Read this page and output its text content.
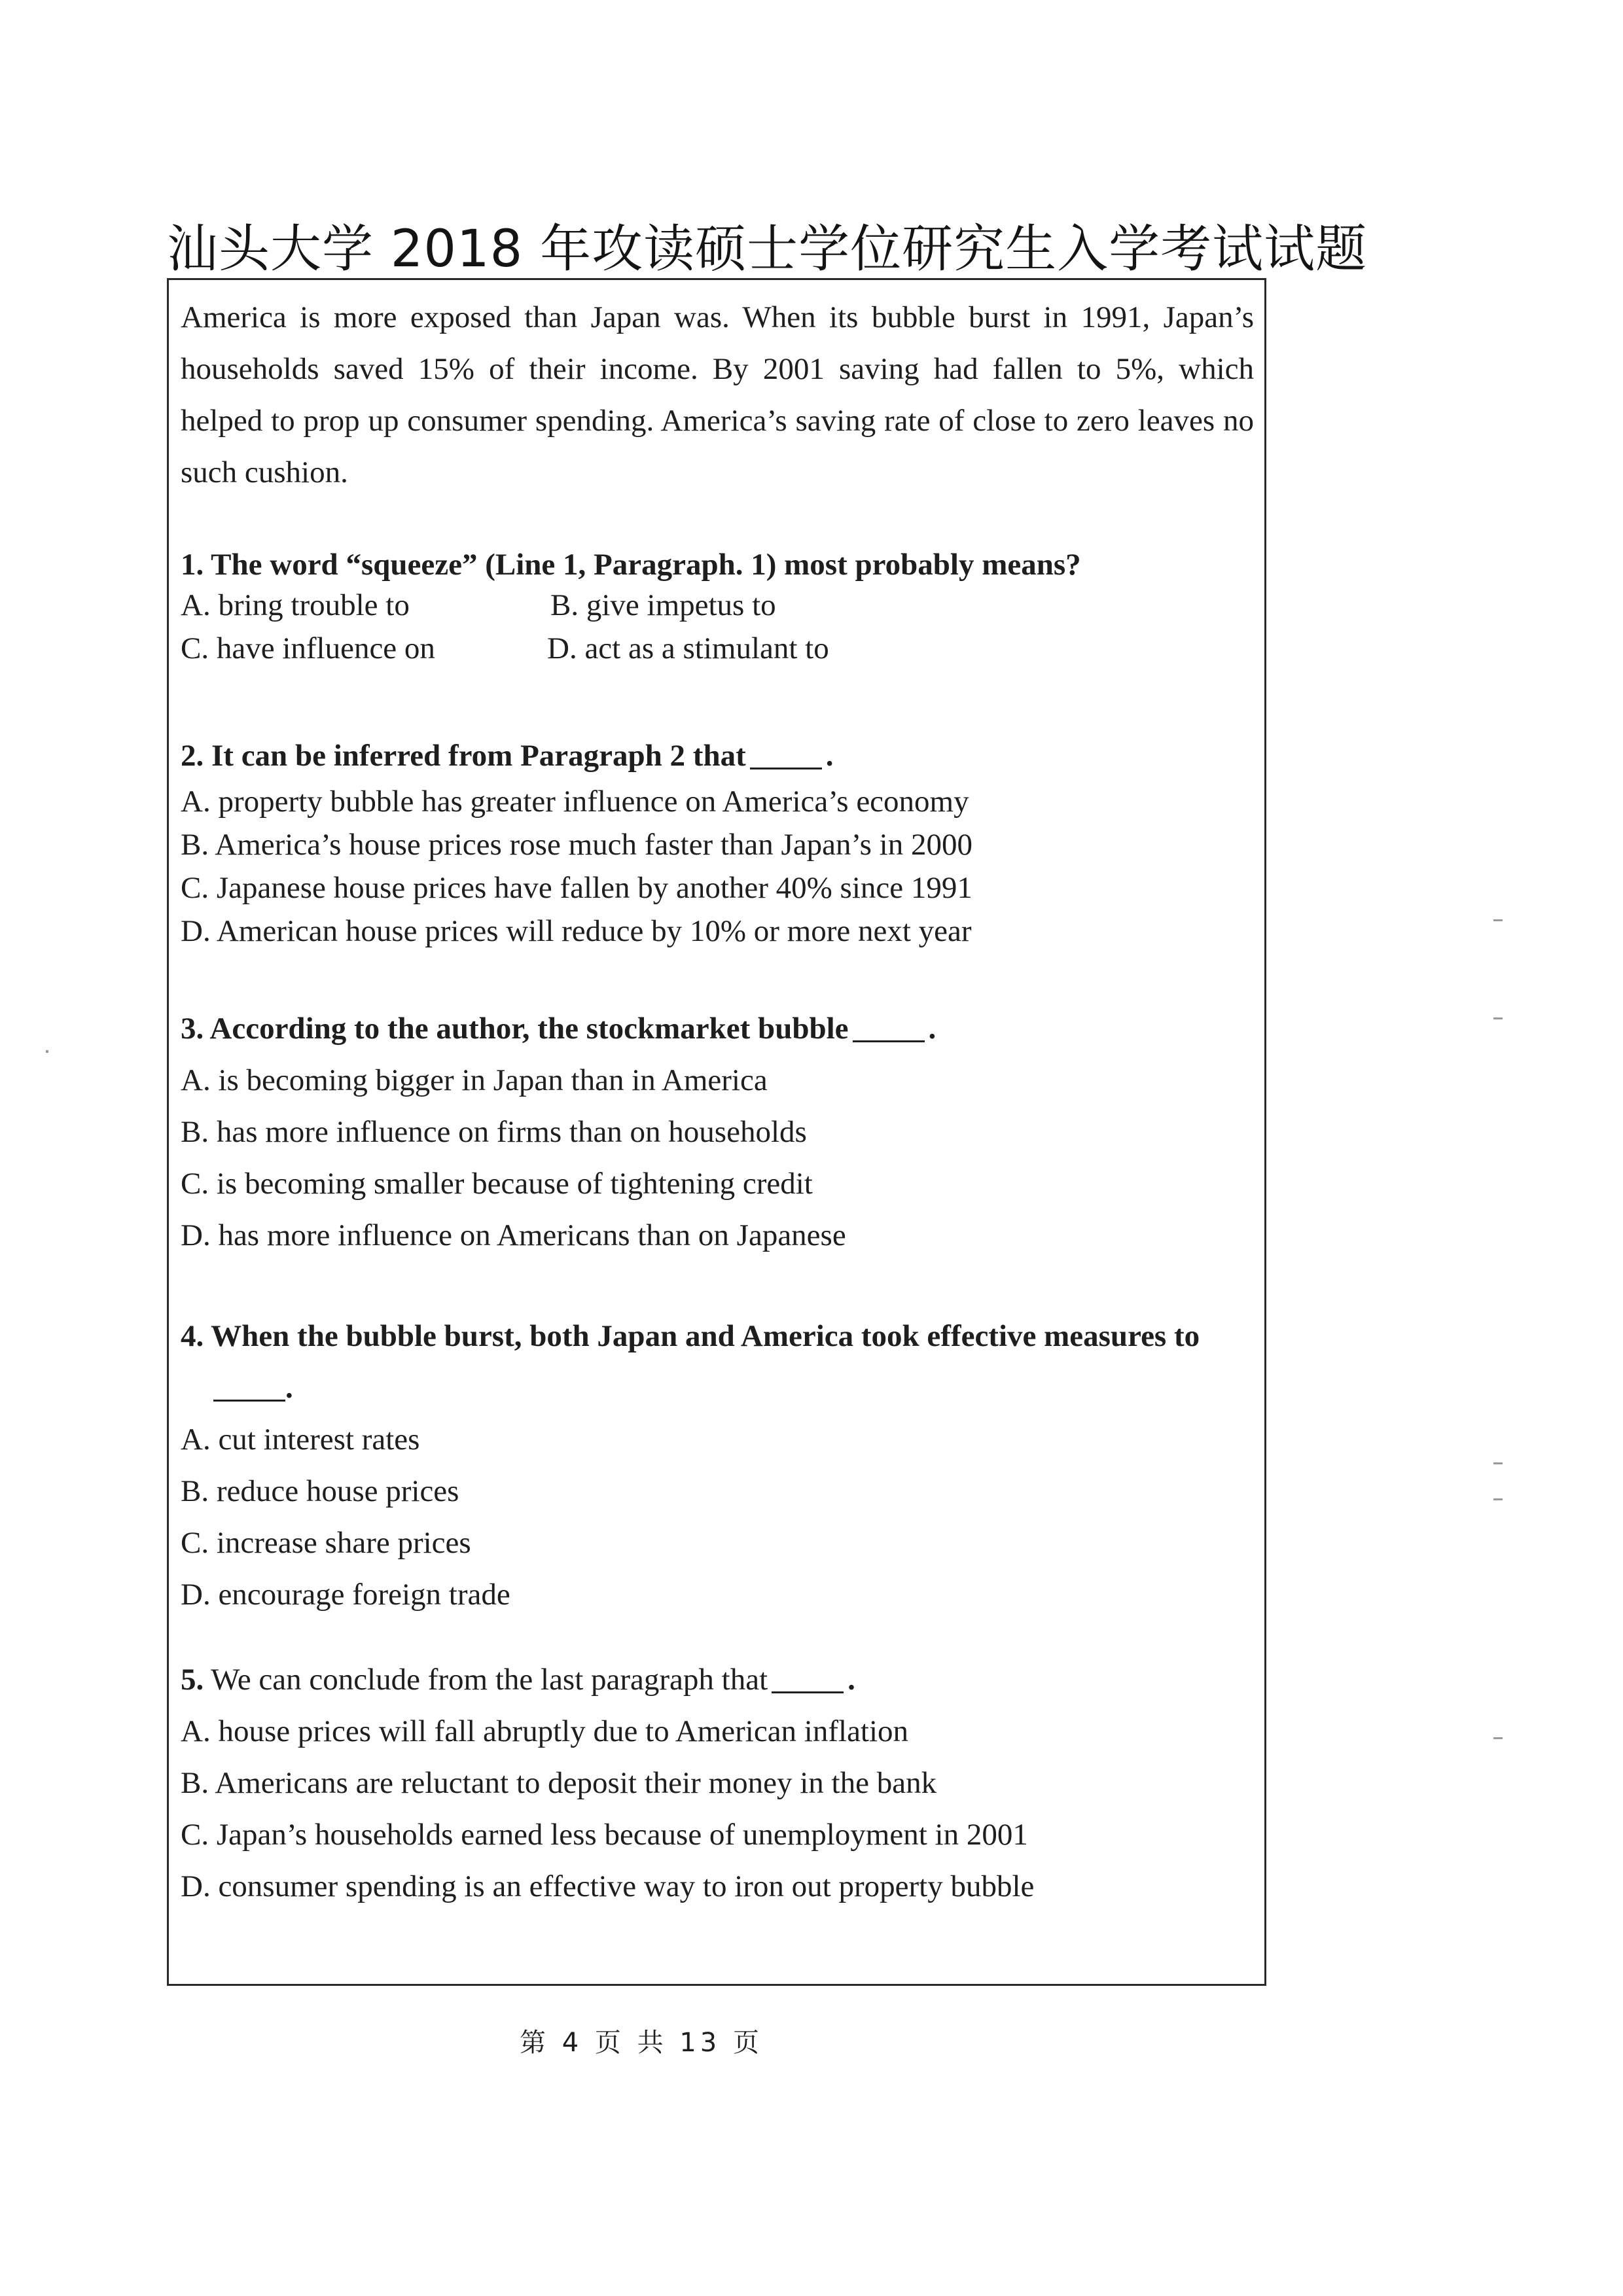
汕头大学 2018 年攻读硕士学位研究生入学考试试题
America is more exposed than Japan was. When its bubble burst in 1991, Japan’s households saved 15% of their income. By 2001 saving had fallen to 5%, which helped to prop up consumer spending. America’s saving rate of close to zero leaves no such cushion.
1. The word “squeeze” (Line 1, Paragraph. 1) most probably means?
A. bring trouble to	B. give impetus to
C. have influence on	D. act as a stimulant to
2. It can be inferred from Paragraph 2 that	.
A. property bubble has greater influence on America’s economy
B. America’s house prices rose much faster than Japan’s in 2000
C. Japanese house prices have fallen by another 40% since 1991
D. American house prices will reduce by 10% or more next year
3. According to the author, the stockmarket bubble	.
A. is becoming bigger in Japan than in America
B. has more influence on firms than on households
C. is becoming smaller because of tightening credit
D. has more influence on Americans than on Japanese
4. When the bubble burst, both Japan and America took effective measures to
.
A. cut interest rates
B. reduce house prices
C. increase share prices
D. encourage foreign trade
5. We can conclude from the last paragraph that	.
A. house prices will fall abruptly due to American inflation
B. Americans are reluctant to deposit their money in the bank
C. Japan’s households earned less because of unemployment in 2001
D. consumer spending is an effective way to iron out property bubble
第 4 页 共 13 页
